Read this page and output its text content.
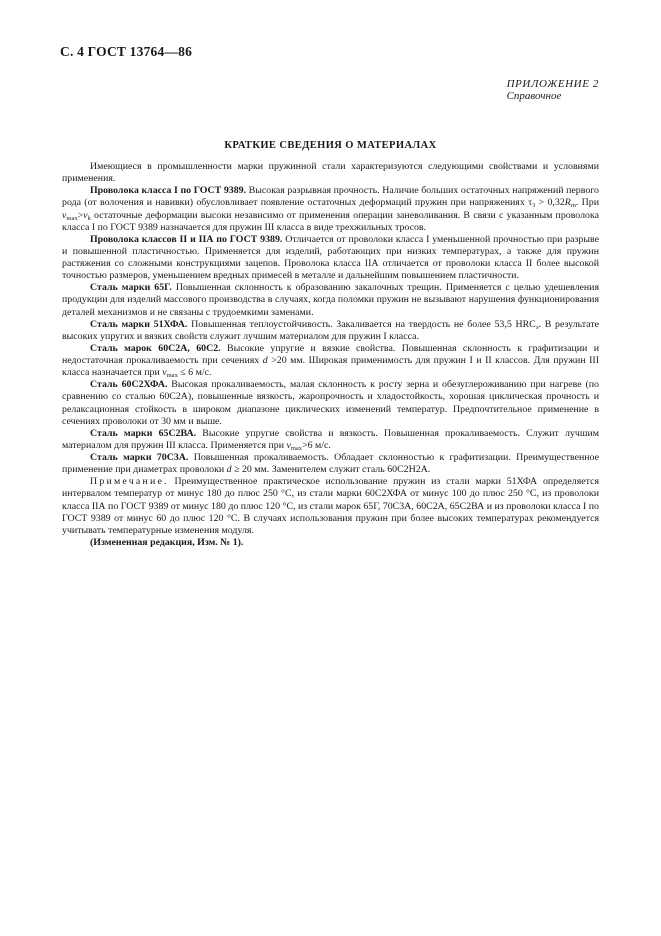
С. 4 ГОСТ 13764—86
ПРИЛОЖЕНИЕ 2
Справочное
КРАТКИЕ СВЕДЕНИЯ О МАТЕРИАЛАХ

Имеющиеся в промышленности марки пружинной стали характеризуются следующими свойствами и условиями применения.

Проволока класса I по ГОСТ 9389. Высокая разрывная прочность. Наличие больших остаточных напряжений первого рода (от волочения и навивки) обусловливает появление остаточных деформаций пружин при напряжениях $\tau_3 > 0,32R_m$. При $v_{max}>v_k$ остаточные деформации высоки независимо от применения операции заневоливания. В связи с указанным проволока класса I по ГОСТ 9389 назначается для пружин III класса в виде трехжильных тросов.

Проволока классов II и IIА по ГОСТ 9389. Отличается от проволоки класса I уменьшенной прочностью при разрыве и повышенной пластичностью. Применяется для изделий, работающих при низких температурах, а также для пружин растяжения со сложными конструкциями зацепов. Проволока класса IIА отличается от проволоки класса II более высокой точностью размеров, уменьшением вредных примесей в металле и дальнейшим повышением пластичности.

Сталь марки 65Г. Повышенная склонность к образованию закалочных трещин. Применяется с целью удешевления продукции для изделий массового производства в случаях, когда поломки пружин не вызывают нарушения функционирования деталей механизмов и не связаны с трудоемкими заменами.

Сталь марки 51ХФА. Повышенная теплоустойчивость. Закаливается на твердость не более 53,5 $HRC_э$. В результате высоких упругих и вязких свойств служит лучшим материалом для пружин I класса.

Сталь марок 60С2А, 60С2. Высокие упругие и вязкие свойства. Повышенная склонность к графитизации и недостаточная прокаливаемость при сечениях d >20 мм. Широкая применимость для пружин I и II классов. Для пружин III класса назначается при $v_{max} \le 6$ м/с.

Сталь 60С2ХФА. Высокая прокаливаемость, малая склонность к росту зерна и обезуглероживанию при нагреве (по сравнению со сталью 60С2А), повышенные вязкость, жаропрочность и хладостойкость, хорошая циклическая прочность и релаксационная стойкость в широком диапазоне циклических изменений температур. Предпочтительное применение в сечениях проволоки от 30 мм и выше.

Сталь марки 65С2ВА. Высокие упругие свойства и вязкость. Повышенная прокаливаемость. Служит лучшим материалом для пружин III класса. Применяется при $v_{max}>6$ м/с.

Сталь марки 70С3А. Повышенная прокаливаемость. Обладает склонностью к графитизации. Преимущественное применение при диаметрах проволоки d ≥ 20 мм. Заменителем служит сталь 60С2Н2А.

Примечание. Преимущественное практическое использование пружин из стали марки 51ХФА определяется интервалом температур от минус 180 до плюс 250 °С, из стали марки 60С2ХФА от минус 100 до плюс 250 °С, из проволоки класса IIА по ГОСТ 9389 от минус 180 до плюс 120 °С, из стали марок 65Г, 70С3А, 60С2А, 65С2ВА и из проволоки класса I по ГОСТ 9389 от минус 60 до плюс 120 °С. В случаях использования пружин при более высоких температурах рекомендуется учитывать температурные изменения модуля.

(Измененная редакция, Изм. № 1).
